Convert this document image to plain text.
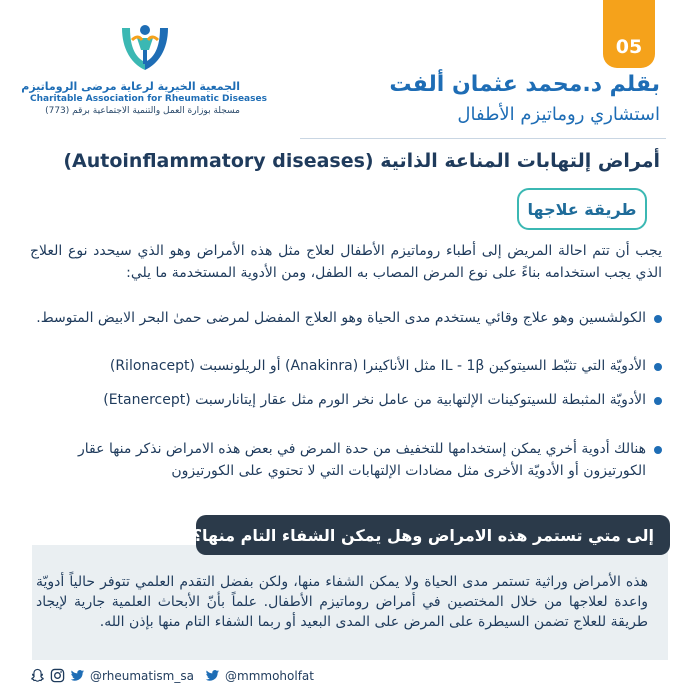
05
الجمعية الخيرية لرعاية مرضى الروماتيزم
Charitable Association for Rheumatic Diseases
مسجلة بوزارة العمل والتنمية الاجتماعية برقم (773)
بقلم د.محمد عثمان ألفت
استشاري روماتيزم الأطفال
أمراض إلتهابات المناعة الذاتية (Autoinflammatory diseases)
طريقة علاجها
يجب أن تتم احالة المريض إلى أطباء روماتيزم الأطفال لعلاج مثل هذه الأمراض وهو الذي سيحدد نوع العلاج الذي يجب استخدامه بناءً على نوع المرض المصاب به الطفل، ومن الأدوية المستخدمة ما يلي:
الكولشسين وهو علاج وقائي يستخدم مدى الحياة وهو العلاج المفضل لمرضى حمىٰ البحر الابيض المتوسط.
الأدويّة التي تثبّط السيتوكين IL - 1β مثل الأناكينرا (Anakinra) أو الريلونسبت (Rilonacept)
الأدويّة المثبطة للسيتوكينات الإلتهابية من عامل نخر الورم مثل عقار إيتانارسبت (Etanercept)
هنالك أدوية أخري يمكن إستخدامها للتخفيف من حدة المرض في بعض هذه الامراض نذكر منها عقار الكورتيزون أو الأدويّة الأخرى مثل مضادات الإلتهابات التي لا تحتوي على الكورتيزون
إلى متي تستمر هذه الامراض وهل يمكن الشفاء التام منها؟
هذه الأمراض وراثية تستمر مدى الحياة ولا يمكن الشفاء منها، ولكن بفضل التقدم العلمي تتوفر حالياً أدويّة واعدة لعلاجها من خلال المختصين في أمراض روماتيزم الأطفال. علماً بأنّ الأبحاث العلمية جارية لإيجاد طريقة للعلاج تضمن السيطرة على المرض على المدى البعيد أو ربما الشفاء التام منها بإذن الله.
@rheumatism_sa	@mmmoholfat
